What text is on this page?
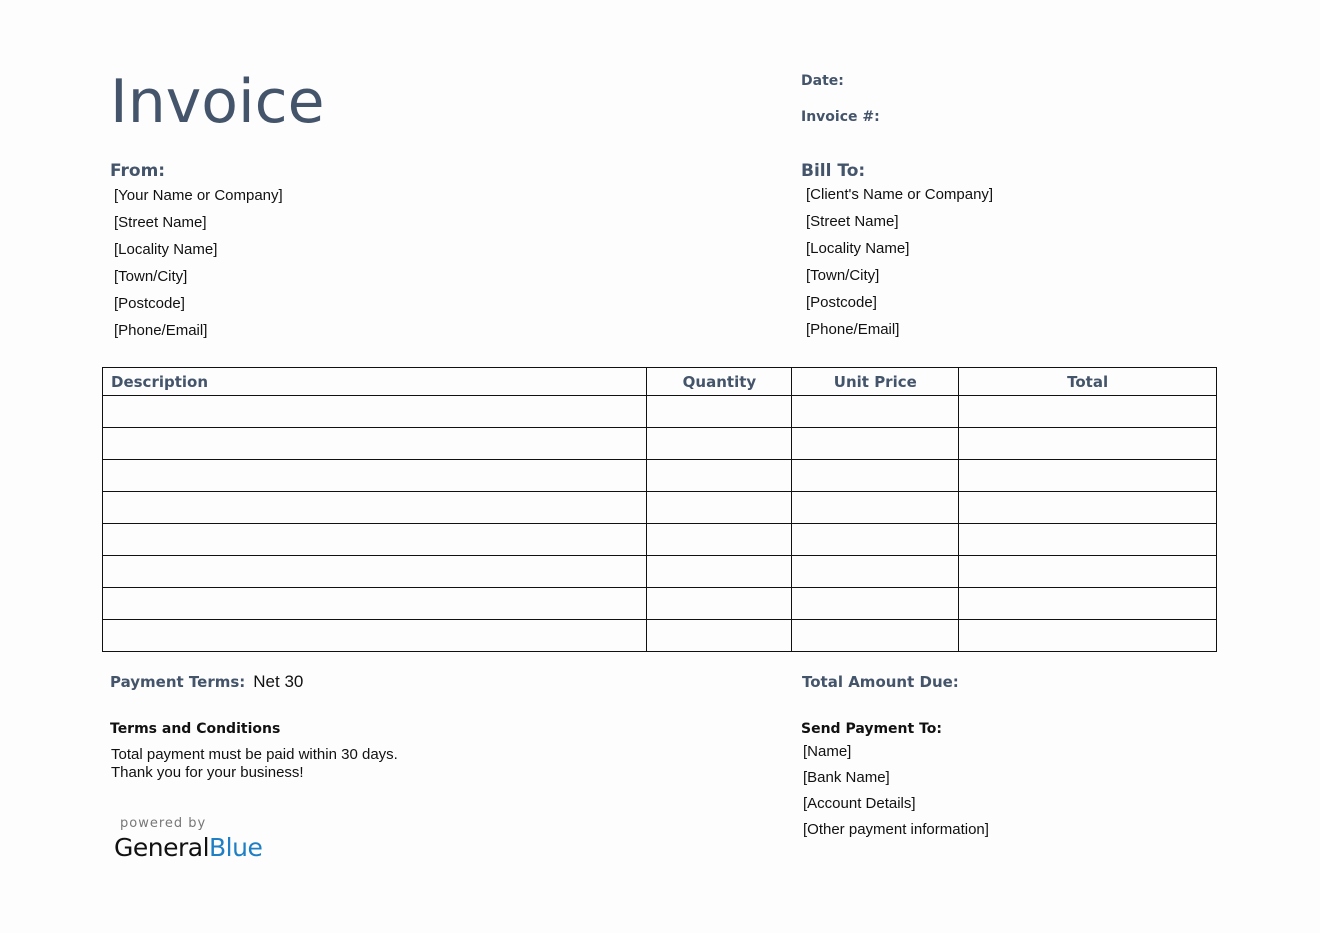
Invoice	Date:
Invoice #:
From:
[Your Name or Company]
[Street Name]
[Locality Name]
[Town/City]
[Postcode]
[Phone/Email]
Bill To:
[Client's Name or Company]
[Street Name]
[Locality Name]
[Town/City]
[Postcode]
[Phone/Email]
Description	Quantity	Unit Price	Total

Payment Terms: Net 30	Total Amount Due:
Terms and Conditions
Total payment must be paid within 30 days.
Thank you for your business!
Send Payment To:
[Name]
[Bank Name]
[Account Details]
[Other payment information]
powered by
GeneralBlue
